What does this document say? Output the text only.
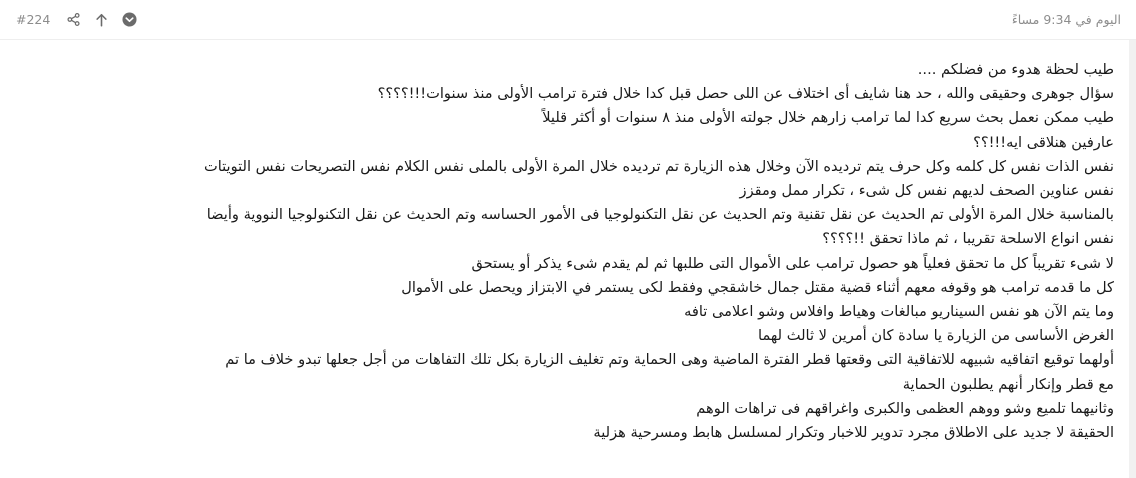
#224	اليوم في 9:34 مساءً

طيب لحظة هدوء من فضلكم ....

سؤال جوهرى وحقيقى والله ، حد هنا شايف أى اختلاف عن اللى حصل قبل كدا خلال فترة ترامب الأولى منذ سنوات!!!؟؟؟؟

طيب ممكن نعمل بحث سريع كدا لما ترامب زارهم خلال جولته الأولى منذ ٨ سنوات أو أكثر قليلاً

عارفين هنلاقى ايه!!!؟؟

نفس الذات نفس كل كلمه وكل حرف يتم ترديده الآن وخلال هذه الزيارة تم ترديده خلال المرة الأولى بالملى نفس الكلام نفس التصريحات نفس التويتات

نفس عناوين الصحف لديهم نفس كل شىء ، تكرار ممل ومقزز

بالمناسبة خلال المرة الأولى تم الحديث عن نقل تقنية وتم الحديث عن نقل التكنولوجيا فى الأمور الحساسه وتم الحديث عن نقل التكنولوجيا النووية وأيضا

نفس انواع الاسلحة تقريبا ، ثم ماذا تحقق !!؟؟؟؟

لا شىء تقريباً كل ما تحقق فعلياً هو حصول ترامب على الأموال التى طلبها ثم لم يقدم شىء يذكر أو يستحق

كل ما قدمه ترامب هو وقوفه معهم أثناء قضية مقتل جمال خاشقجي وفقط لكى يستمر في الابتزاز ويحصل على الأموال

وما يتم الآن هو نفس السيناريو مبالغات وهياط وافلاس وشو اعلامى تافه

الغرض الأساسى من الزيارة يا سادة كان أمرين لا ثالث لهما

أولهما توقيع اتفاقيه شبيهه للاتفاقية التى وقعتها قطر الفترة الماضية وهى الحماية وتم تغليف الزيارة بكل تلك التفاهات من أجل جعلها تبدو خلاف ما تم

مع قطر وإنكار أنهم يطلبون الحماية

وثانيهما تلميع وشو ووهم العظمى والكبرى واغراقهم فى تراهات الوهم

الحقيقة لا جديد على الاطلاق مجرد تدوير للاخبار وتكرار لمسلسل هابط ومسرحية هزلية
